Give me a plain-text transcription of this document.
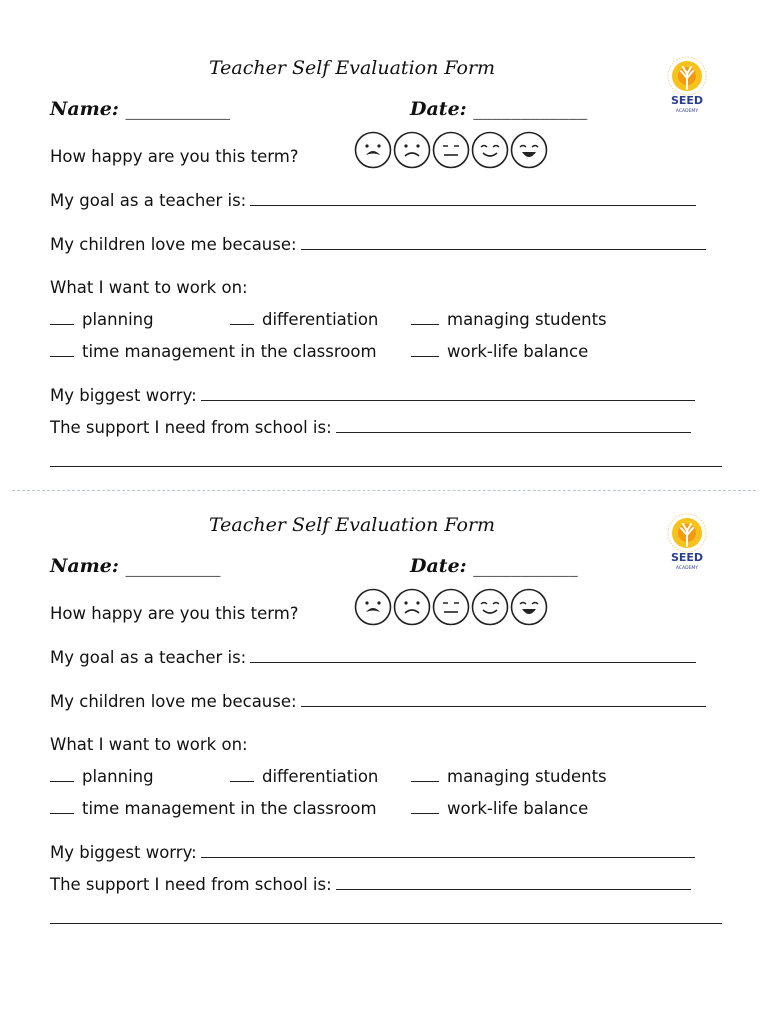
Teacher Self Evaluation Form
Name: ___________	Date: ____________	SEED
ACADEMY
How happy are you this term?
My goal as a teacher is:
My children love me because:
What I want to work on:
planning	differentiation	managing students
time management in the classroom	work-life balance
My biggest worry:
The support I need from school is:
Teacher Self Evaluation Form
Name: __________	Date: ___________	SEED
ACADEMY
How happy are you this term?
My goal as a teacher is:
My children love me because:
What I want to work on:
planning	differentiation	managing students
time management in the classroom	work-life balance
My biggest worry:
The support I need from school is:
